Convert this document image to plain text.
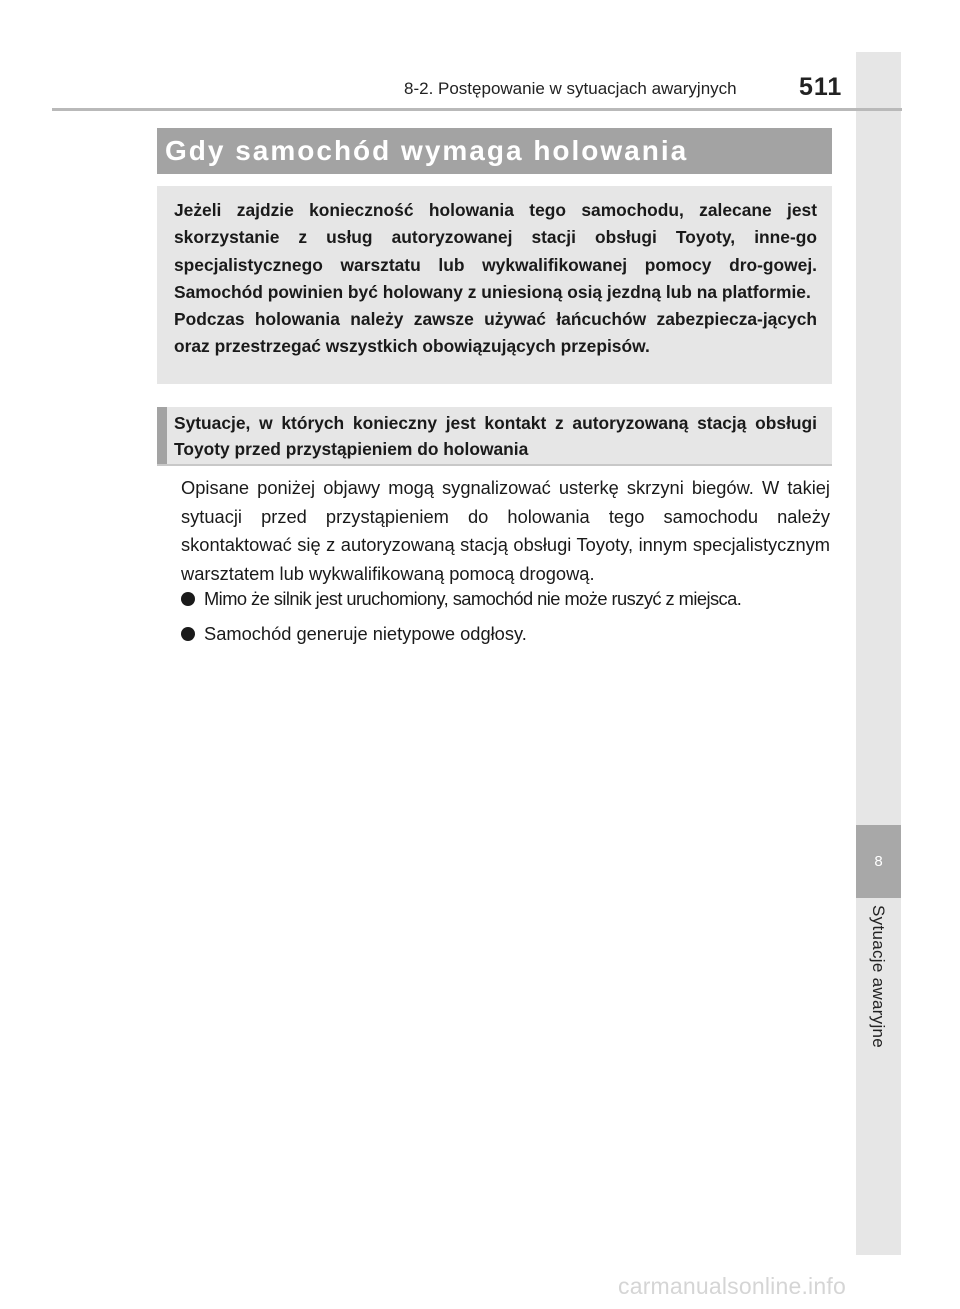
8
Sytuacje awaryjne
8-2. Postępowanie w sytuacjach awaryjnych 511
Gdy samochód wymaga holowania
Jeżeli zajdzie konieczność holowania tego samochodu, zalecane jest skorzystanie z usług autoryzowanej stacji obsługi Toyoty, inne-go specjalistycznego warsztatu lub wykwalifikowanej pomocy dro-gowej. Samochód powinien być holowany z uniesioną osią jezdną lub na platformie.
Podczas holowania należy zawsze używać łańcuchów zabezpiecza-jących oraz przestrzegać wszystkich obowiązujących przepisów.
Sytuacje, w których konieczny jest kontakt z autoryzowaną stacją obsługi Toyoty przed przystąpieniem do holowania

Opisane poniżej objawy mogą sygnalizować usterkę skrzyni biegów. W takiej sytuacji przed przystąpieniem do holowania tego samochodu należy skontaktować się z autoryzowaną stacją obsługi Toyoty, innym specjalistycznym warsztatem lub wykwalifikowaną pomocą drogową.

Mimo że silnik jest uruchomiony, samochód nie może ruszyć z miejsca.
Samochód generuje nietypowe odgłosy.
carmanualsonline.info
